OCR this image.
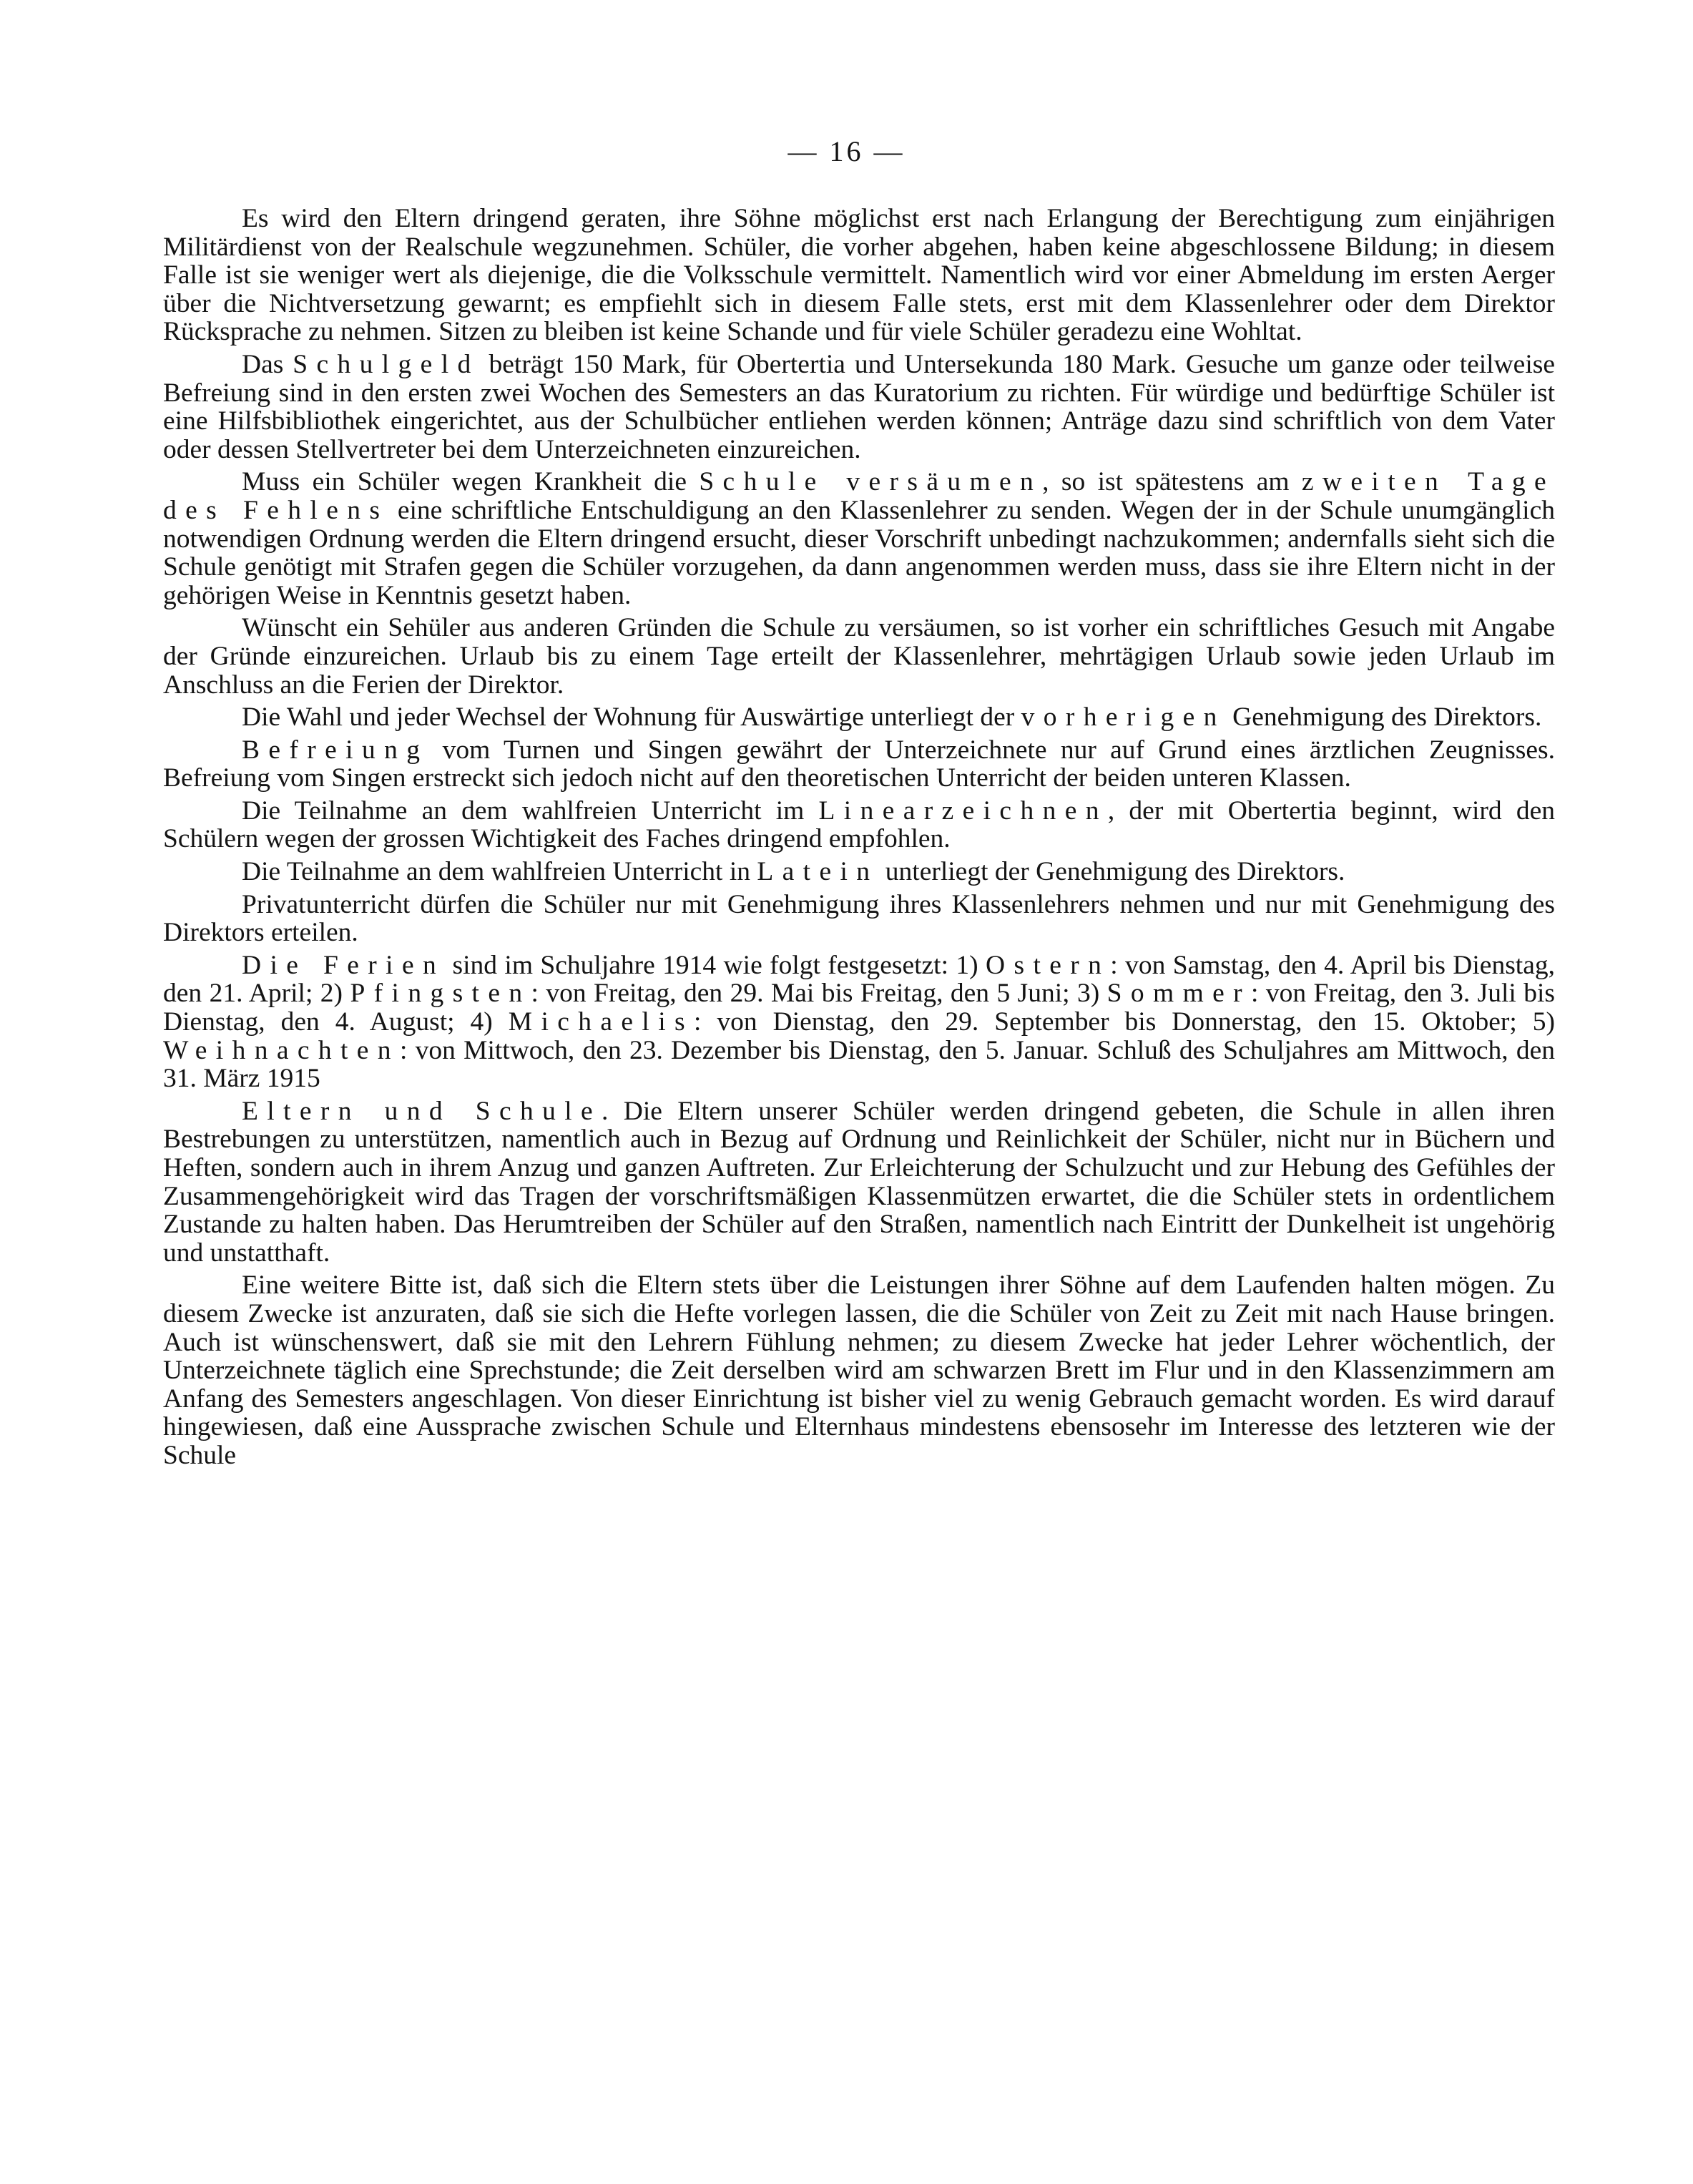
— 16 —

Es wird den Eltern dringend geraten, ihre Söhne möglichst erst nach Erlangung der Berechtigung zum einjährigen Militärdienst von der Realschule wegzunehmen. Schüler, die vorher abgehen, haben keine abgeschlossene Bildung; in diesem Falle ist sie weniger wert als diejenige, die die Volksschule vermittelt. Namentlich wird vor einer Abmeldung im ersten Aerger über die Nichtversetzung gewarnt; es empfiehlt sich in diesem Falle stets, erst mit dem Klassenlehrer oder dem Direktor Rücksprache zu nehmen. Sitzen zu bleiben ist keine Schande und für viele Schüler geradezu eine Wohltat.

Das Schulgeld beträgt 150 Mark, für Obertertia und Untersekunda 180 Mark. Gesuche um ganze oder teilweise Befreiung sind in den ersten zwei Wochen des Semesters an das Kuratorium zu richten. Für würdige und bedürftige Schüler ist eine Hilfsbibliothek eingerichtet, aus der Schulbücher entliehen werden können; Anträge dazu sind schriftlich von dem Vater oder dessen Stellvertreter bei dem Unterzeichneten einzureichen.

Muss ein Schüler wegen Krankheit die Schule versäumen, so ist spätestens am zweiten Tage des Fehlens eine schriftliche Entschuldigung an den Klassenlehrer zu senden. Wegen der in der Schule unumgänglich notwendigen Ordnung werden die Eltern dringend ersucht, dieser Vorschrift unbedingt nachzukommen; andernfalls sieht sich die Schule genötigt mit Strafen gegen die Schüler vorzugehen, da dann angenommen werden muss, dass sie ihre Eltern nicht in der gehörigen Weise in Kenntnis gesetzt haben.

Wünscht ein Sehüler aus anderen Gründen die Schule zu versäumen, so ist vorher ein schriftliches Gesuch mit Angabe der Gründe einzureichen. Urlaub bis zu einem Tage erteilt der Klassenlehrer, mehrtägigen Urlaub sowie jeden Urlaub im Anschluss an die Ferien der Direktor.

Die Wahl und jeder Wechsel der Wohnung für Auswärtige unterliegt der vorherigen Genehmigung des Direktors.

Befreiung vom Turnen und Singen gewährt der Unterzeichnete nur auf Grund eines ärztlichen Zeugnisses. Befreiung vom Singen erstreckt sich jedoch nicht auf den theoretischen Unterricht der beiden unteren Klassen.

Die Teilnahme an dem wahlfreien Unterricht im Linearzeichnen, der mit Obertertia beginnt, wird den Schülern wegen der grossen Wichtigkeit des Faches dringend empfohlen.

Die Teilnahme an dem wahlfreien Unterricht in Latein unterliegt der Genehmigung des Direktors.

Privatunterricht dürfen die Schüler nur mit Genehmigung ihres Klassenlehrers nehmen und nur mit Genehmigung des Direktors erteilen.

Die Ferien sind im Schuljahre 1914 wie folgt festgesetzt: 1) Ostern: von Samstag, den 4. April bis Dienstag, den 21. April; 2) Pfingsten: von Freitag, den 29. Mai bis Freitag, den 5 Juni; 3) Sommer: von Freitag, den 3. Juli bis Dienstag, den 4. August; 4) Michaelis: von Dienstag, den 29. September bis Donnerstag, den 15. Oktober; 5) Weihnachten: von Mittwoch, den 23. Dezember bis Dienstag, den 5. Januar. Schluß des Schuljahres am Mittwoch, den 31. März 1915

Eltern und Schule. Die Eltern unserer Schüler werden dringend gebeten, die Schule in allen ihren Bestrebungen zu unterstützen, namentlich auch in Bezug auf Ordnung und Reinlichkeit der Schüler, nicht nur in Büchern und Heften, sondern auch in ihrem Anzug und ganzen Auftreten. Zur Erleichterung der Schulzucht und zur Hebung des Gefühles der Zusammengehörigkeit wird das Tragen der vorschriftsmäßigen Klassenmützen erwartet, die die Schüler stets in ordentlichem Zustande zu halten haben. Das Herumtreiben der Schüler auf den Straßen, namentlich nach Eintritt der Dunkelheit ist ungehörig und unstatthaft.

Eine weitere Bitte ist, daß sich die Eltern stets über die Leistungen ihrer Söhne auf dem Laufenden halten mögen. Zu diesem Zwecke ist anzuraten, daß sie sich die Hefte vorlegen lassen, die die Schüler von Zeit zu Zeit mit nach Hause bringen. Auch ist wünschenswert, daß sie mit den Lehrern Fühlung nehmen; zu diesem Zwecke hat jeder Lehrer wöchentlich, der Unterzeichnete täglich eine Sprechstunde; die Zeit derselben wird am schwarzen Brett im Flur und in den Klassenzimmern am Anfang des Semesters angeschlagen. Von dieser Einrichtung ist bisher viel zu wenig Gebrauch gemacht worden. Es wird darauf hingewiesen, daß eine Aussprache zwischen Schule und Elternhaus mindestens ebensosehr im Interesse des letzteren wie der Schule
